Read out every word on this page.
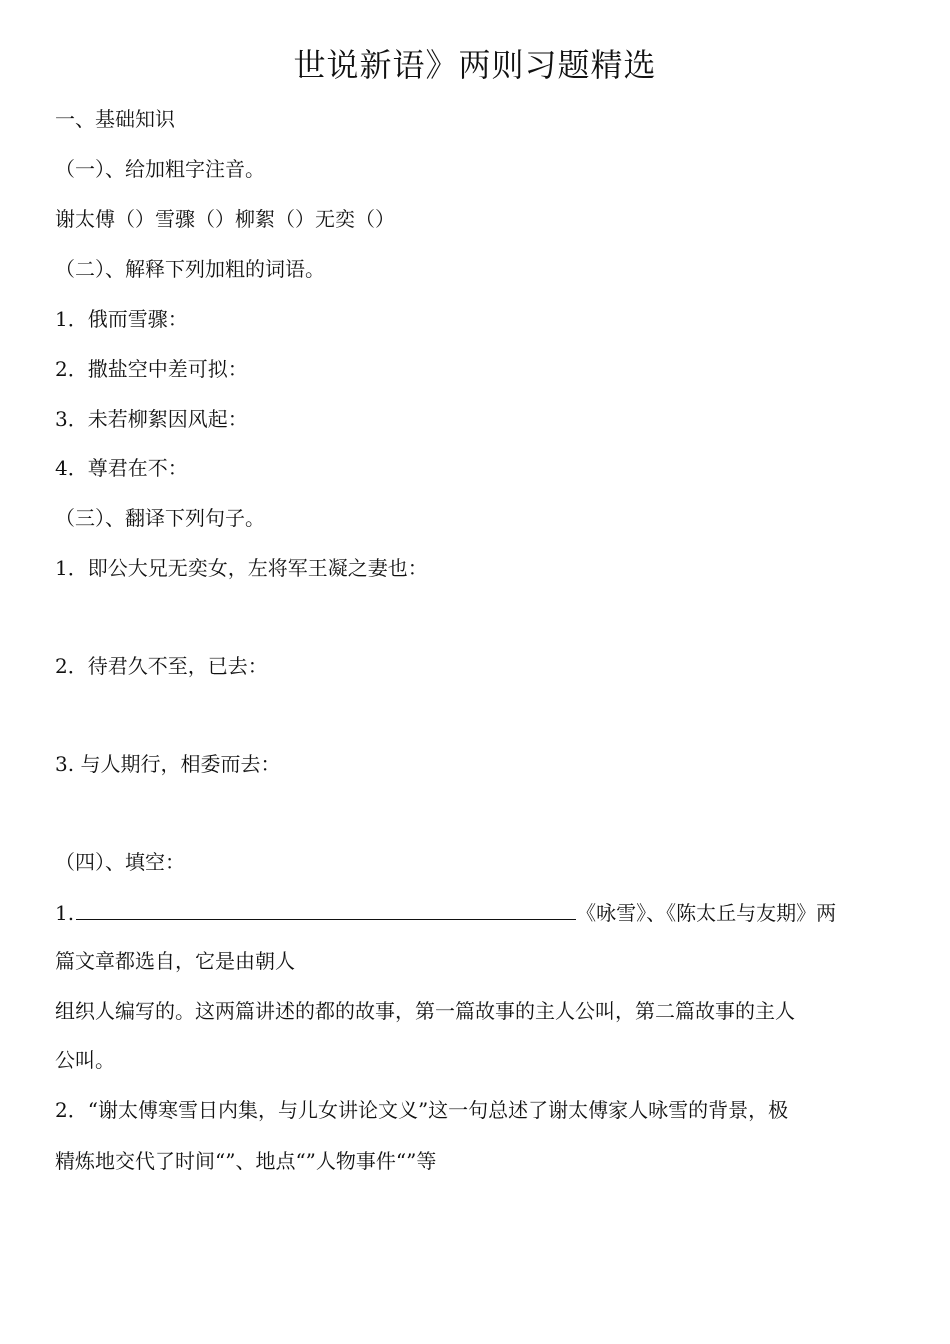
世说新语》两则习题精选
一、基础知识
（一）、给加粗字注音。
谢太傅（）雪骤（）柳絮（）无奕（）
（二）、解释下列加粗的词语。
1．俄而雪骤：
2．撒盐空中差可拟：
3．未若柳絮因风起：
4．尊君在不：
（三）、翻译下列句子。
1．即公大兄无奕女，左将军王凝之妻也：
2．待君久不至，已去：
3. 与人期行，相委而去：
（四）、填空：
1.	《咏雪》、《陈太丘与友期》两
篇文章都选自，它是由朝人
组织人编写的。这两篇讲述的都的故事，第一篇故事的主人公叫，第二篇故事的主人
公叫。
2．“谢太傅寒雪日内集，与儿女讲论文义”这一句总述了谢太傅家人咏雪的背景，极
精炼地交代了时间“”、地点“”人物事件“”等
